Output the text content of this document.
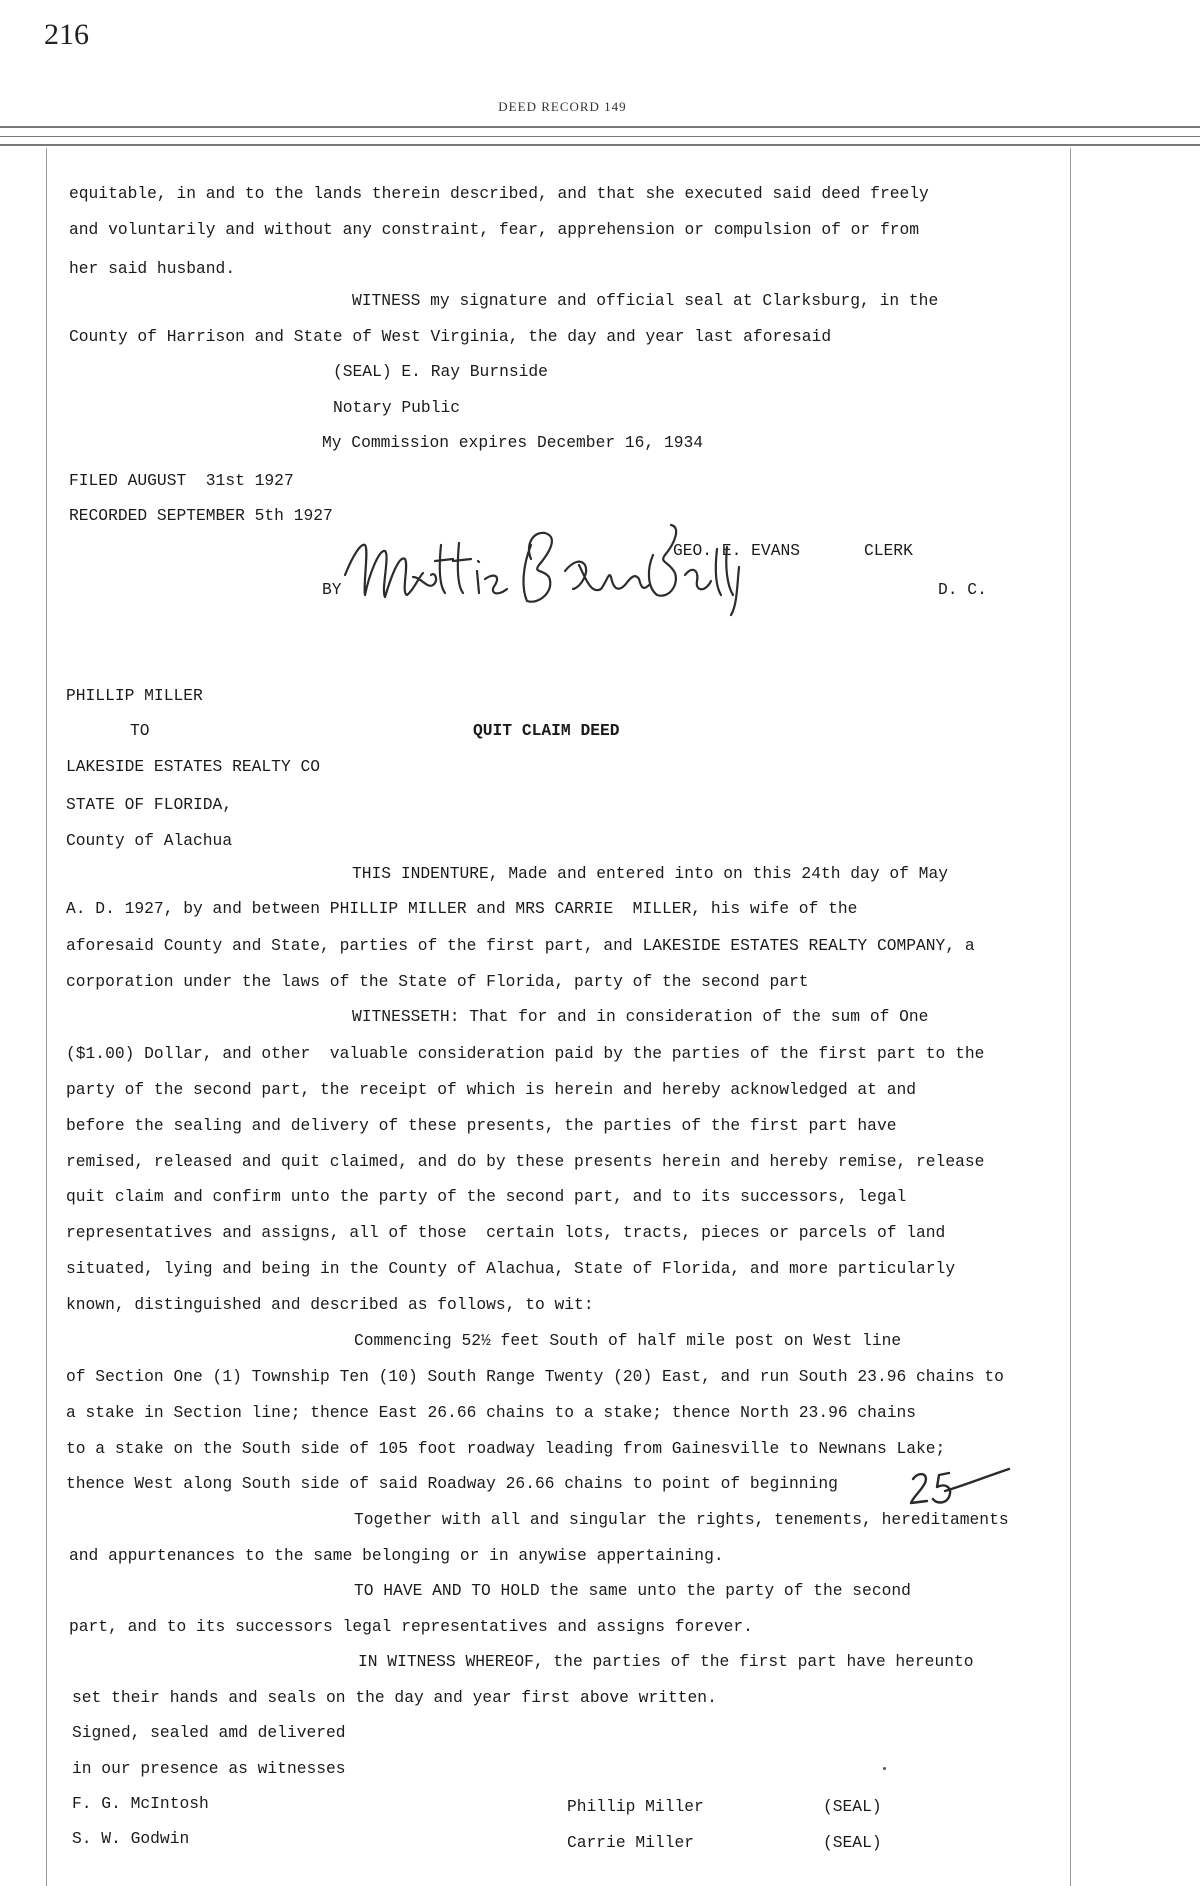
216
DEED RECORD 149
equitable, in and to the lands therein described, and that she executed said deed freely
and voluntarily and without any constraint, fear, apprehension or compulsion of or from
her said husband.
WITNESS my signature and official seal at Clarksburg, in the
County of Harrison and State of West Virginia, the day and year last aforesaid
(SEAL) E. Ray Burnside
Notary Public
My Commission expires December 16, 1934
FILED AUGUST  31st 1927
RECORDED SEPTEMBER 5th 1927
GEO. E. EVANS	CLERK
BY	D. C.
PHILLIP MILLER
TO	QUIT CLAIM DEED
LAKESIDE ESTATES REALTY CO
STATE OF FLORIDA,
County of Alachua
THIS INDENTURE, Made and entered into on this 24th day of May
A. D. 1927, by and between PHILLIP MILLER and MRS CARRIE  MILLER, his wife of the
aforesaid County and State, parties of the first part, and LAKESIDE ESTATES REALTY COMPANY, a
corporation under the laws of the State of Florida, party of the second part
WITNESSETH: That for and in consideration of the sum of One
($1.00) Dollar, and other  valuable consideration paid by the parties of the first part to the
party of the second part, the receipt of which is herein and hereby acknowledged at and
before the sealing and delivery of these presents, the parties of the first part have
remised, released and quit claimed, and do by these presents herein and hereby remise, release
quit claim and confirm unto the party of the second part, and to its successors, legal
representatives and assigns, all of those  certain lots, tracts, pieces or parcels of land
situated, lying and being in the County of Alachua, State of Florida, and more particularly
known, distinguished and described as follows, to wit:
Commencing 52½ feet South of half mile post on West line
of Section One (1) Township Ten (10) South Range Twenty (20) East, and run South 23.96 chains to
a stake in Section line; thence East 26.66 chains to a stake; thence North 23.96 chains
to a stake on the South side of 105 foot roadway leading from Gainesville to Newnans Lake;
thence West along South side of said Roadway 26.66 chains to point of beginning
Together with all and singular the rights, tenements, hereditaments
and appurtenances to the same belonging or in anywise appertaining.
TO HAVE AND TO HOLD the same unto the party of the second
part, and to its successors legal representatives and assigns forever.
IN WITNESS WHEREOF, the parties of the first part have hereunto
set their hands and seals on the day and year first above written.
Signed, sealed amd delivered
in our presence as witnesses
F. G. McIntosh	Phillip Miller	(SEAL)
S. W. Godwin	Carrie Miller	(SEAL)
